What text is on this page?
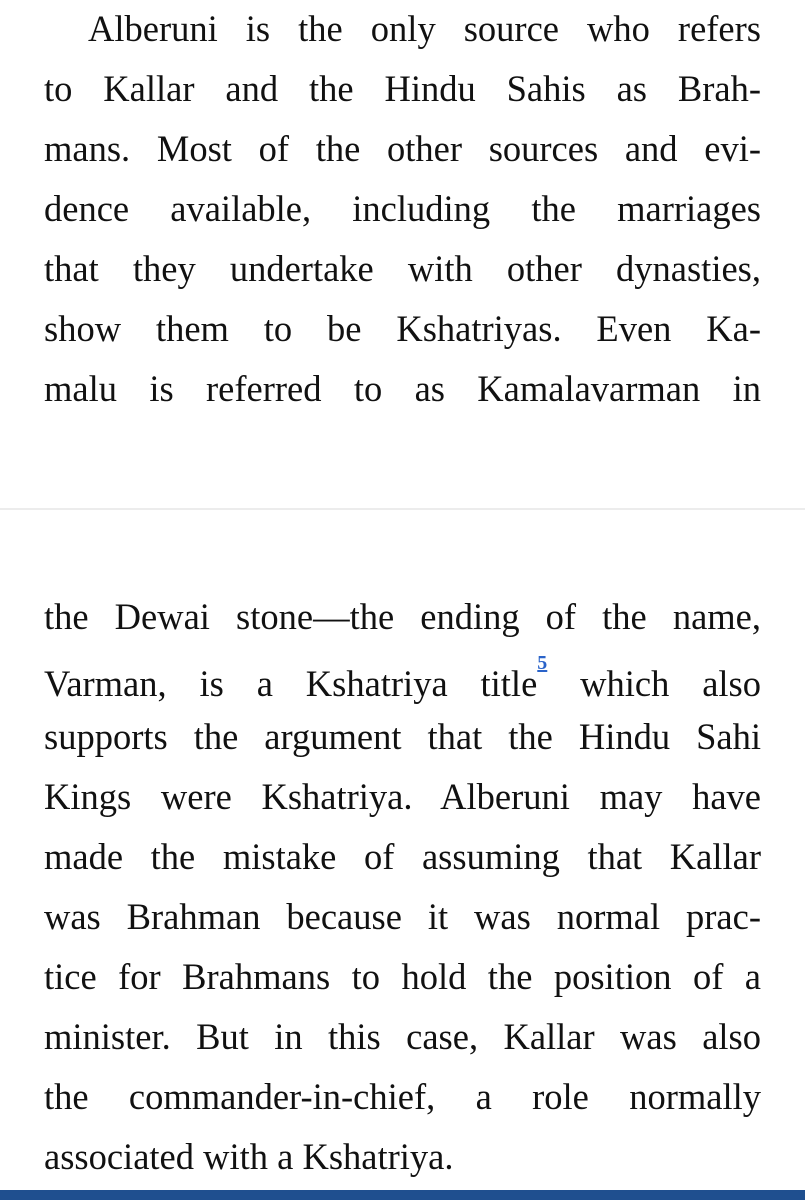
Alberuni is the only source who refers
to Kallar and the Hindu Sahis as Brah-
mans. Most of the other sources and evi-
dence available, including the marriages
that they undertake with other dynasties,
show them to be Kshatriyas. Even Ka-
malu is referred to as Kamalavarman in
the Dewai stone—the ending of the name,
Varman, is a Kshatriya title$^5$ which also
supports the argument that the Hindu Sahi
Kings were Kshatriya. Alberuni may have
made the mistake of assuming that Kallar
was Brahman because it was normal prac-
tice for Brahmans to hold the position of a
minister. But in this case, Kallar was also
the commander-in-chief, a role normally
associated with a Kshatriya.
